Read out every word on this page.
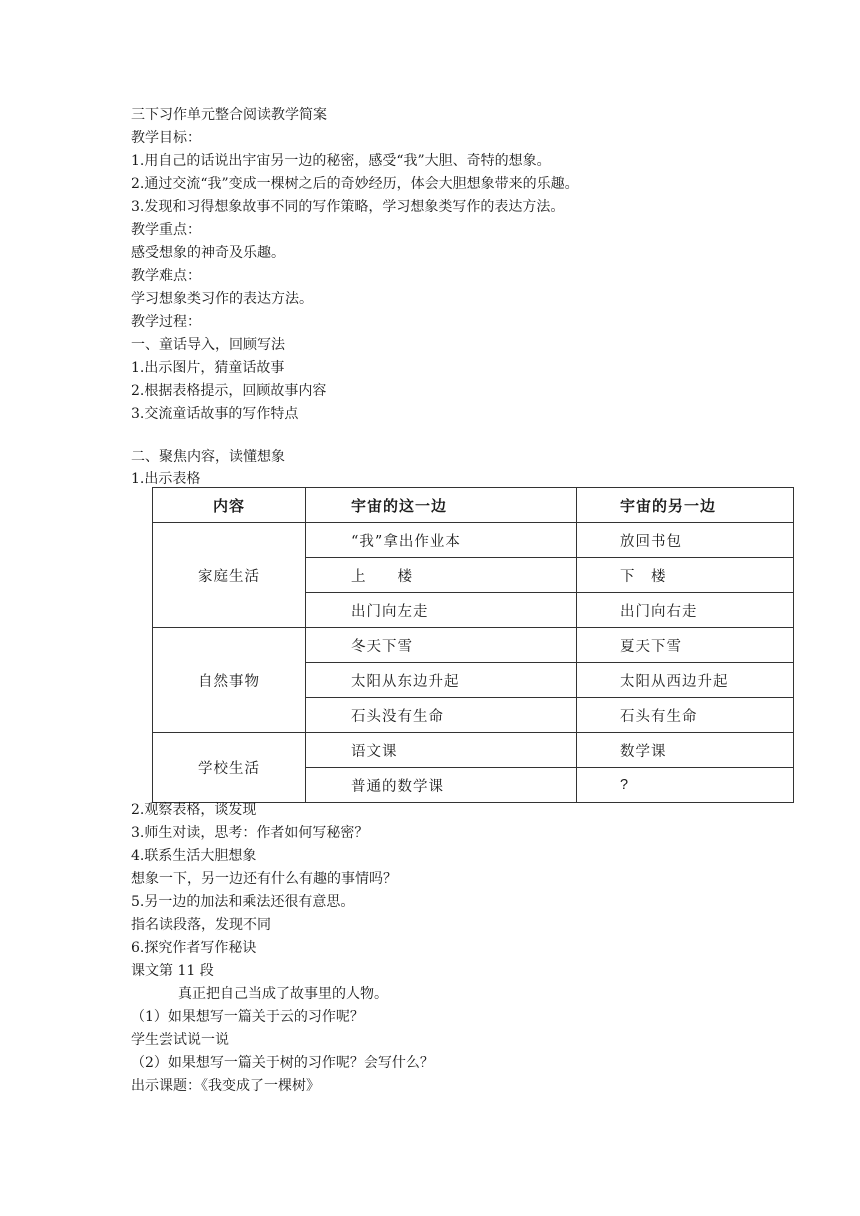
三下习作单元整合阅读教学简案
教学目标：
1.用自己的话说出宇宙另一边的秘密，感受“我”大胆、奇特的想象。
2.通过交流“我”变成一棵树之后的奇妙经历，体会大胆想象带来的乐趣。
3.发现和习得想象故事不同的写作策略，学习想象类写作的表达方法。
教学重点：
感受想象的神奇及乐趣。
教学难点：
学习想象类习作的表达方法。
教学过程：
一、童话导入，回顾写法
1.出示图片，猜童话故事
2.根据表格提示，回顾故事内容
3.交流童话故事的写作特点
二、聚焦内容，读懂想象
1.出示表格
内容	宇宙的这一边	宇宙的另一边
家庭生活	“我”拿出作业本	放回书包
	上　　楼	下　楼
	出门向左走	出门向右走
自然事物	冬天下雪	夏天下雪
	太阳从东边升起	太阳从西边升起
	石头没有生命	石头有生命
学校生活	语文课	数学课
	普通的数学课	?
2.观察表格，谈发现
3.师生对读，思考：作者如何写秘密？
4.联系生活大胆想象
想象一下，另一边还有什么有趣的事情吗？
5.另一边的加法和乘法还很有意思。
指名读段落，发现不同
6.探究作者写作秘诀
课文第 11 段
真正把自己当成了故事里的人物。
（1）如果想写一篇关于云的习作呢？
学生尝试说一说
（2）如果想写一篇关于树的习作呢？会写什么？
出示课题：《我变成了一棵树》
